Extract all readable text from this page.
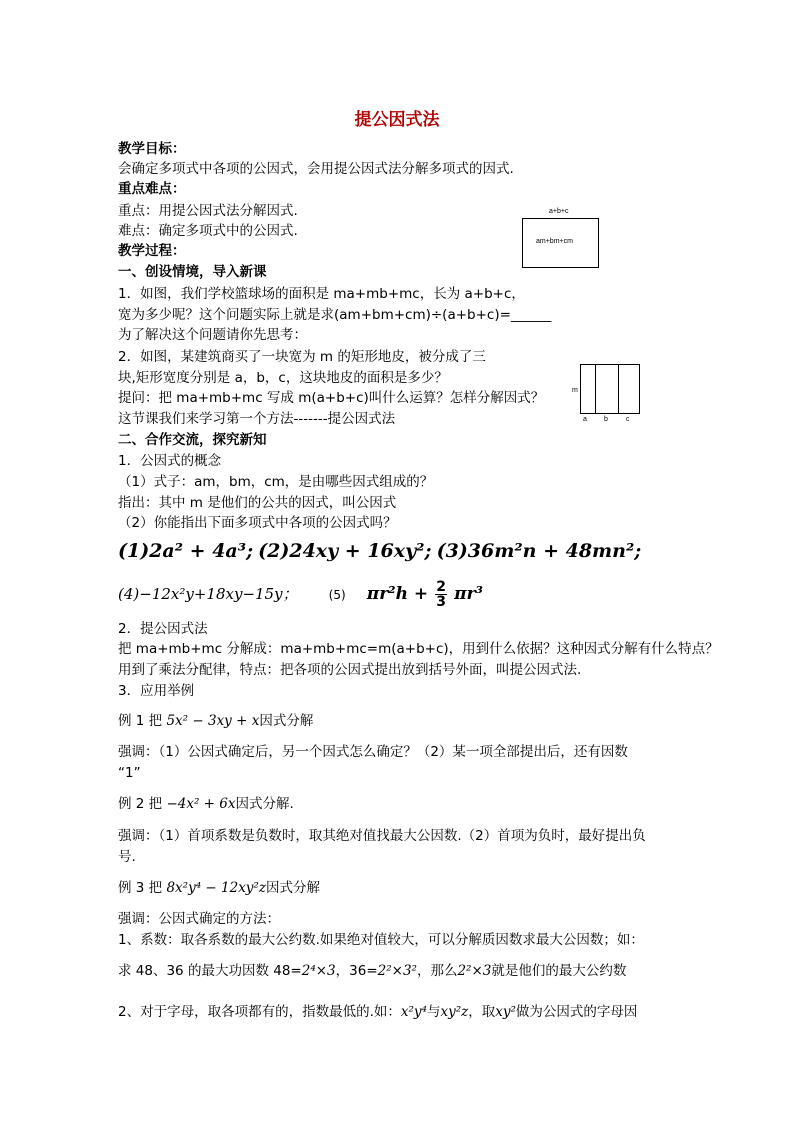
提公因式法
教学目标：
会确定多项式中各项的公因式，会用提公因式法分解多项式的因式.
重点难点：
重点：用提公因式法分解因式.
难点：确定多项式中的公因式.
教学过程：
一、创设情境，导入新课
1．如图，我们学校篮球场的面积是 ma+mb+mc，长为 a+b+c，
宽为多少呢？这个问题实际上就是求(am+bm+cm)÷(a+b+c)=______
为了解决这个问题请你先思考：
2．如图，某建筑商买了一块宽为 m 的矩形地皮，被分成了三
块,矩形宽度分别是 a，b，c，这块地皮的面积是多少？
提问：把 ma+mb+mc 写成 m(a+b+c)叫什么运算？怎样分解因式？
这节课我们来学习第一个方法-------提公因式法
二、合作交流，探究新知
1．公因式的概念
（1）式子：am，bm，cm，是由哪些因式组成的？
指出：其中 m 是他们的公共的因式，叫公因式
（2）你能指出下面多项式中各项的公因式吗？
a+b+c
am+bm+cm
m
a b	c
(1)2a² + 4a³; (2)24xy + 16xy²; (3)36m²n + 48mn²;
(4)−12x²y+18xy−15y；	(5) $\pi r^2h + \frac{2}{3} \pi r^3$
2．提公因式法
把 ma+mb+mc 分解成：ma+mb+mc=m(a+b+c)，用到什么依据？这种因式分解有什么特点？
用到了乘法分配律，特点：把各项的公因式提出放到括号外面，叫提公因式法.
3．应用举例
例 1 把 5x² − 3xy + x因式分解
强调：（1）公因式确定后，另一个因式怎么确定？（2）某一项全部提出后，还有因数
“1”
例 2 把 −4x² + 6x因式分解.
强调：（1）首项系数是负数时，取其绝对值找最大公因数.（2）首项为负时，最好提出负
号.
例 3 把 8x²y⁴ − 12xy²z因式分解
强调：公因式确定的方法：
1、系数：取各系数的最大公约数.如果绝对值较大，可以分解质因数求最大公因数；如：
求 48、36 的最大功因数 48=2⁴×3，36=2²×3²，那么2²×3就是他们的最大公约数
2、对于字母，取各项都有的，指数最低的.如：x²y⁴与xy²z，取xy²做为公因式的字母因
